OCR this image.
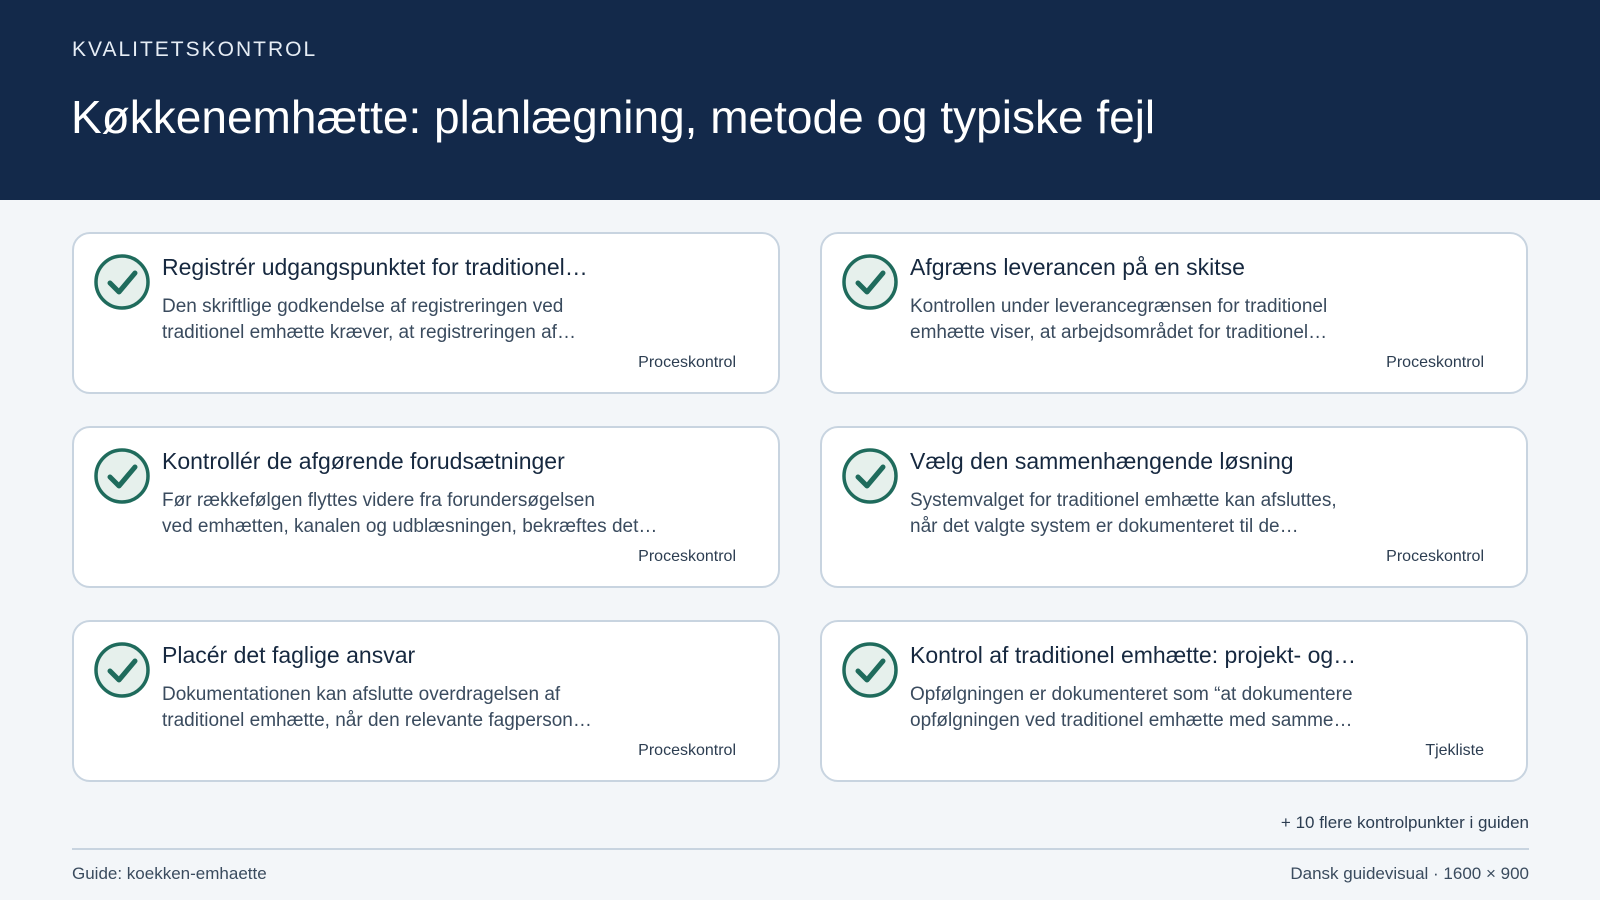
KVALITETSKONTROL
Køkkenemhætte: planlægning, metode og typiske fejl
Registrér udgangspunktet for traditionel…
Den skriftlige godkendelse af registreringen ved
traditionel emhætte kræver, at registreringen af…
Proceskontrol
Afgræns leverancen på en skitse
Kontrollen under leverancegrænsen for traditionel
emhætte viser, at arbejdsområdet for traditionel…
Proceskontrol
Kontrollér de afgørende forudsætninger
Før rækkefølgen flyttes videre fra forundersøgelsen
ved emhætten, kanalen og udblæsningen, bekræftes det…
Proceskontrol
Vælg den sammenhængende løsning
Systemvalget for traditionel emhætte kan afsluttes,
når det valgte system er dokumenteret til de…
Proceskontrol
Placér det faglige ansvar
Dokumentationen kan afslutte overdragelsen af
traditionel emhætte, når den relevante fagperson…
Proceskontrol
Kontrol af traditionel emhætte: projekt- og…
Opfølgningen er dokumenteret som “at dokumentere
opfølgningen ved traditionel emhætte med samme…
Tjekliste
+ 10 flere kontrolpunkter i guiden
Guide: koekken-emhaette	Dansk guidevisual · 1600 × 900
